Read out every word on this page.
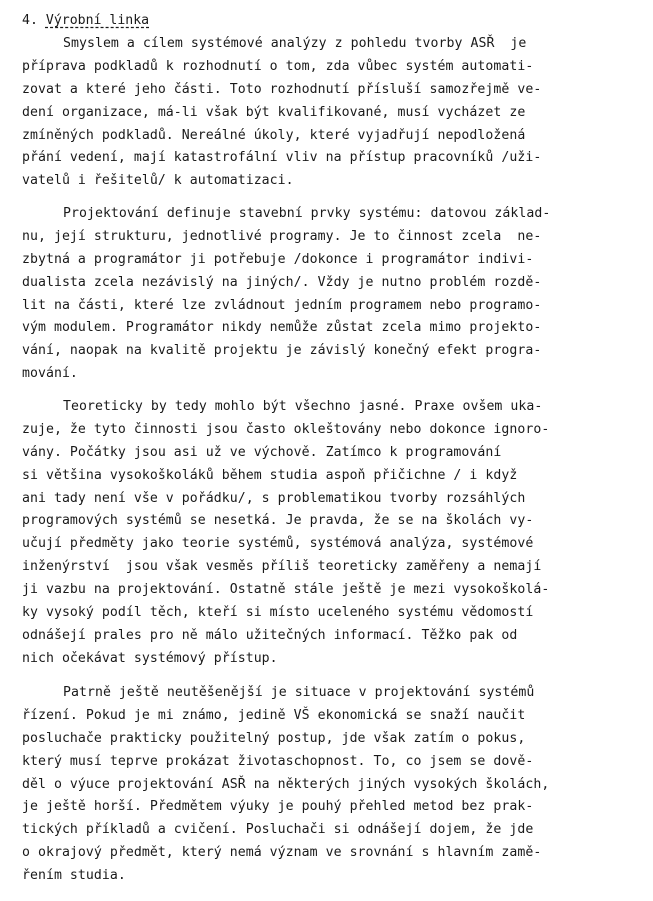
4. Výrobní linka
Smyslem a cílem systémové analýzy z pohledu tvorby ASŘ  je
příprava podkladů k rozhodnutí o tom, zda vůbec systém automati-
zovat a které jeho části. Toto rozhodnutí přísluší samozřejmě ve-
dení organizace, má-li však být kvalifikované, musí vycházet ze
zmíněných podkladů. Nereálné úkoly, které vyjadřují nepodložená
přání vedení, mají katastrofální vliv na přístup pracovníků /uži-
vatelů i řešitelů/ k automatizaci.
Projektování definuje stavební prvky systému: datovou základ-
nu, její strukturu, jednotlivé programy. Je to činnost zcela  ne-
zbytná a programátor ji potřebuje /dokonce i programátor indivi-
dualista zcela nezávislý na jiných/. Vždy je nutno problém rozdě-
lit na části, které lze zvládnout jedním programem nebo programo-
vým modulem. Programátor nikdy nemůže zůstat zcela mimo projekto-
vání, naopak na kvalitě projektu je závislý konečný efekt progra-
mování.
Teoreticky by tedy mohlo být všechno jasné. Praxe ovšem uka-
zuje, že tyto činnosti jsou často okleštovány nebo dokonce ignoro-
vány. Počátky jsou asi už ve výchově. Zatímco k programování
si většina vysokoškoláků během studia aspoň přičichne / i když
ani tady není vše v pořádku/, s problematikou tvorby rozsáhlých
programových systémů se nesetká. Je pravda, že se na školách vy-
učují předměty jako teorie systémů, systémová analýza, systémové
inženýrství  jsou však vesměs příliš teoreticky zaměřeny a nemají
ji vazbu na projektování. Ostatně stále ještě je mezi vysokoškolá-
ky vysoký podíl těch, kteří si místo uceleného systému vědomostí
odnášejí prales pro ně málo užitečných informací. Těžko pak od
nich očekávat systémový přístup.
Patrně ještě neutěšenější je situace v projektování systémů
řízení. Pokud je mi známo, jedině VŠ ekonomická se snaží naučit
posluchače prakticky použitelný postup, jde však zatím o pokus,
který musí teprve prokázat životaschopnost. To, co jsem se dově-
děl o výuce projektování ASŘ na některých jiných vysokých školách,
je ještě horší. Předmětem výuky je pouhý přehled metod bez prak-
tických příkladů a cvičení. Posluchači si odnášejí dojem, že jde
o okrajový předmět, který nemá význam ve srovnání s hlavním zamě-
řením studia.
